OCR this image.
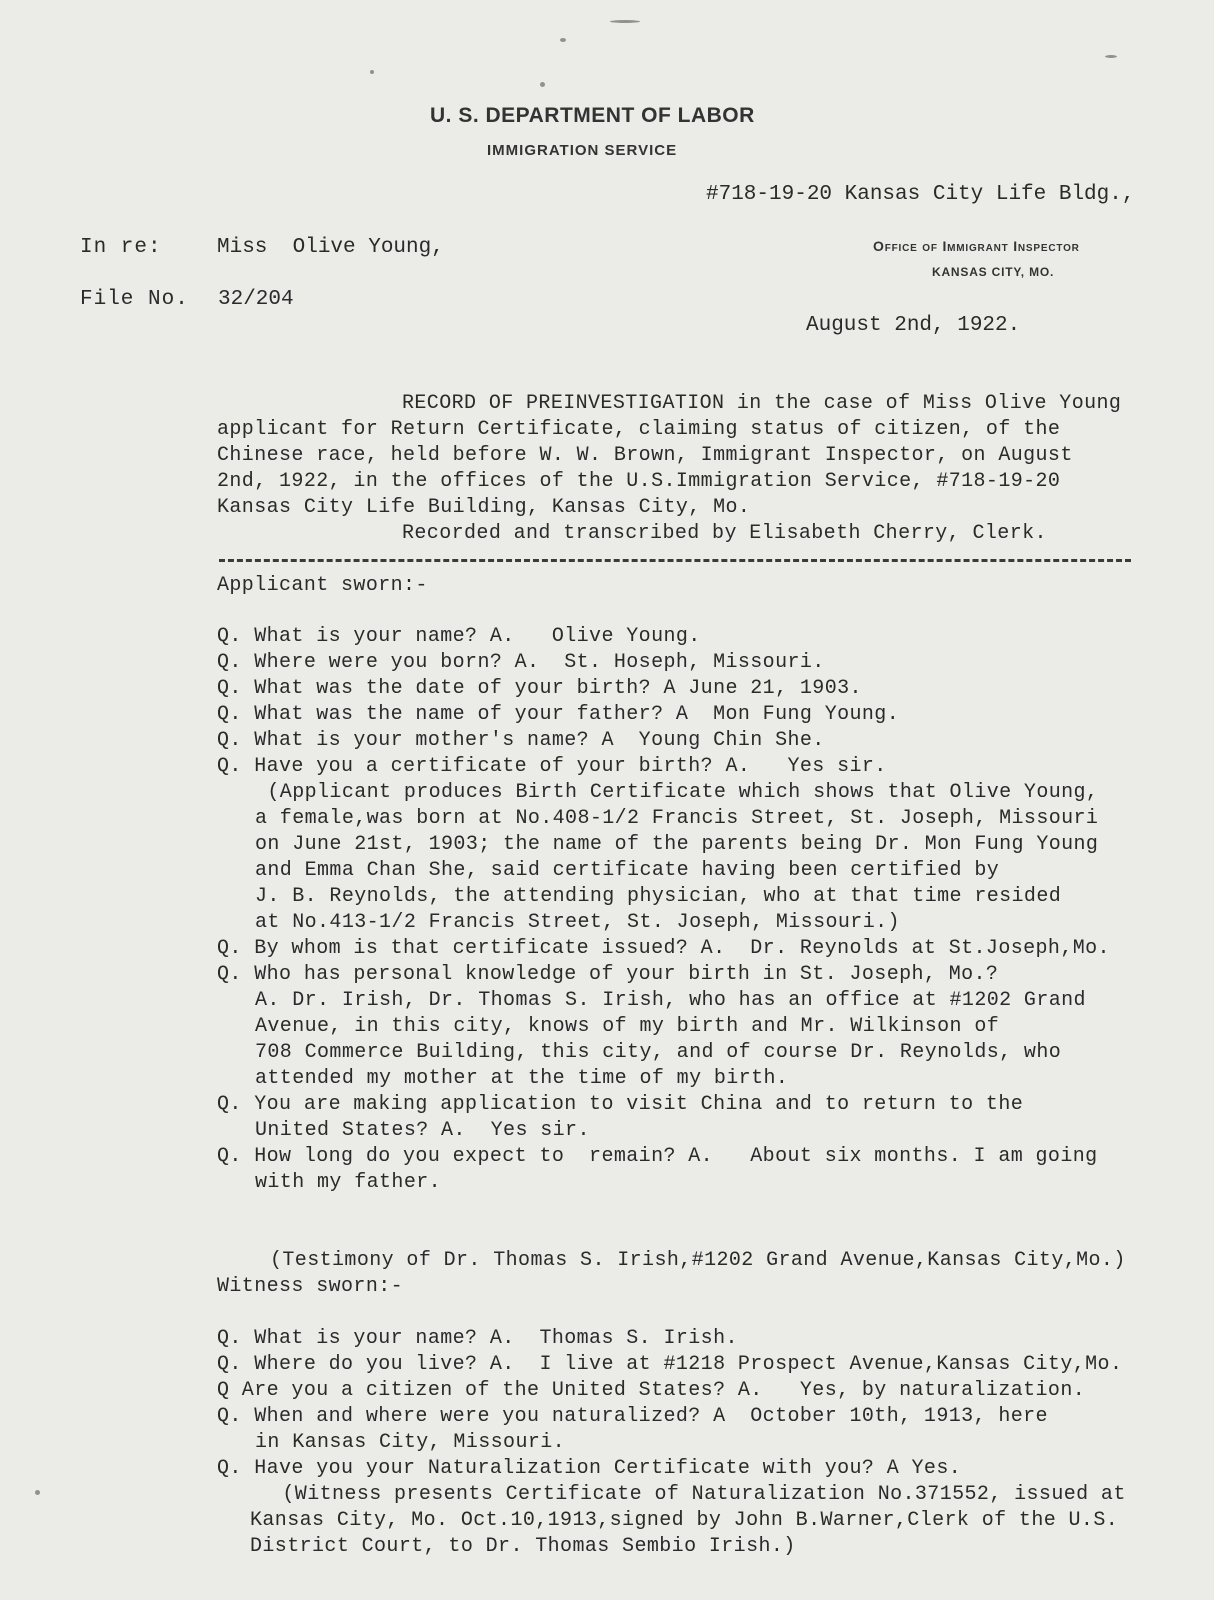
U. S. DEPARTMENT OF LABOR
IMMIGRATION SERVICE
#718-19-20 Kansas City Life Bldg.,
Office of Immigrant Inspector
KANSAS CITY, MO.
In re:	Miss  Olive Young,
File No. 32/204
August 2nd, 1922.
RECORD OF PREINVESTIGATION in the case of Miss Olive Young
applicant for Return Certificate, claiming status of citizen, of the
Chinese race, held before W. W. Brown, Immigrant Inspector, on August
2nd, 1922, in the offices of the U.S.Immigration Service, #718-19-20
Kansas City Life Building, Kansas City, Mo.
Recorded and transcribed by Elisabeth Cherry, Clerk.
Applicant sworn:-
Q. What is your name? A.   Olive Young.
Q. Where were you born? A.  St. Hoseph, Missouri.
Q. What was the date of your birth? A June 21, 1903.
Q. What was the name of your father? A  Mon Fung Young.
Q. What is your mother's name? A  Young Chin She.
Q. Have you a certificate of your birth? A.   Yes sir.
(Applicant produces Birth Certificate which shows that Olive Young,
a female,was born at No.408-1/2 Francis Street, St. Joseph, Missouri
on June 21st, 1903; the name of the parents being Dr. Mon Fung Young
and Emma Chan She, said certificate having been certified by
J. B. Reynolds, the attending physician, who at that time resided
at No.413-1/2 Francis Street, St. Joseph, Missouri.)
Q. By whom is that certificate issued? A.  Dr. Reynolds at St.Joseph,Mo.
Q. Who has personal knowledge of your birth in St. Joseph, Mo.?
A. Dr. Irish, Dr. Thomas S. Irish, who has an office at #1202 Grand
Avenue, in this city, knows of my birth and Mr. Wilkinson of
708 Commerce Building, this city, and of course Dr. Reynolds, who
attended my mother at the time of my birth.
Q. You are making application to visit China and to return to the
United States? A.  Yes sir.
Q. How long do you expect to  remain? A.   About six months. I am going
with my father.
(Testimony of Dr. Thomas S. Irish,#1202 Grand Avenue,Kansas City,Mo.)
Witness sworn:-
Q. What is your name? A.  Thomas S. Irish.
Q. Where do you live? A.  I live at #1218 Prospect Avenue,Kansas City,Mo.
Q Are you a citizen of the United States? A.   Yes, by naturalization.
Q. When and where were you naturalized? A  October 10th, 1913, here
in Kansas City, Missouri.
Q. Have you your Naturalization Certificate with you? A Yes.
(Witness presents Certificate of Naturalization No.371552, issued at
Kansas City, Mo. Oct.10,1913,signed by John B.Warner,Clerk of the U.S.
District Court, to Dr. Thomas Sembio Irish.)
